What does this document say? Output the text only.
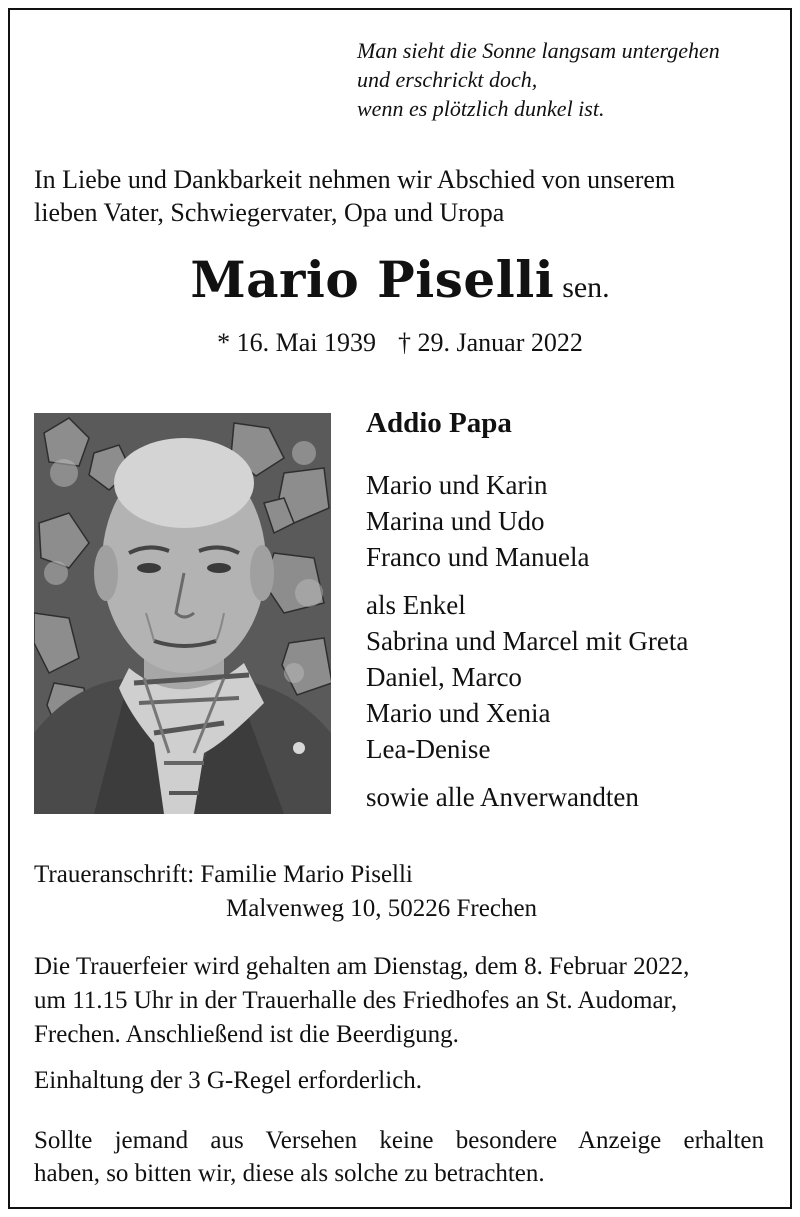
Man sieht die Sonne langsam untergehen
und erschrickt doch,
wenn es plötzlich dunkel ist.
In Liebe und Dankbarkeit nehmen wir Abschied von unserem
lieben Vater, Schwiegervater, Opa und Uropa
Mario Piselli sen.
* 16. Mai 1939 † 29. Januar 2022
Addio Papa
Mario und Karin
Marina und Udo
Franco und Manuela
als Enkel
Sabrina und Marcel mit Greta
Daniel, Marco
Mario und Xenia
Lea-Denise
sowie alle Anverwandten
Traueranschrift: Familie Mario Piselli
Malvenweg 10, 50226 Frechen
Die Trauerfeier wird gehalten am Dienstag, dem 8. Februar 2022,
um 11.15 Uhr in der Trauerhalle des Friedhofes an St. Audomar,
Frechen. Anschließend ist die Beerdigung.
Einhaltung der 3 G-Regel erforderlich.
Sollte jemand aus Versehen keine besondere Anzeige erhalten
haben, so bitten wir, diese als solche zu betrachten.
